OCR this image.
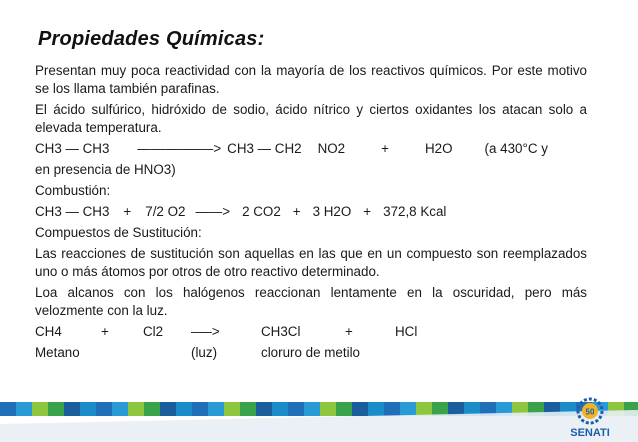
Propiedades Químicas:

Presentan muy poca reactividad con la mayoría de los reactivos químicos. Por este motivo se los llama también parafinas.

El ácido sulfúrico, hidróxido de sodio, ácido nítrico y ciertos oxidantes los atacan solo a elevada temperatura.

CH3 — CH3 —––———–> CH3 — CH2 NO2	+	H2O (a 430°C y

en presencia de HNO3)

Combustión:

CH3 — CH3 + 7/2 O2 ——> 2 CO2 + 3 H2O + 372,8 Kcal

Compuestos de Sustitución:

Las reacciones de sustitución son aquellas en las que en un compuesto son reemplazados uno o más átomos por otros de otro reactivo determinado.

Loa alcanos con los halógenos reaccionan lentamente en la oscuridad, pero más velozmente con la luz.

CH4	+	Cl2	–—>	CH3Cl	+	HCl
Metano	(luz)	cloruro de metilo
50
SENATI
